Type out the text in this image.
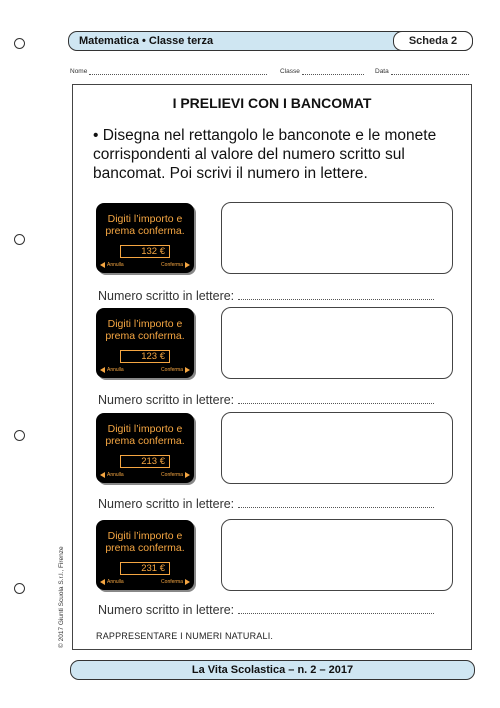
Matematica • Classe terza	Scheda 2
Nome	Classe	Data
I PRELIEVI CON I BANCOMAT
• Disegna nel rettangolo le banconote e le monete corrispondenti al valore del numero scritto sul bancomat. Poi scrivi il numero in lettere.
Digiti l’importo e
prema conferma.
132 €
Annulla	Conferma
Numero scritto in lettere:
Digiti l’importo e
prema conferma.
123 €
Annulla	Conferma
Numero scritto in lettere:
Digiti l’importo e
prema conferma.
213 €
Annulla	Conferma
Numero scritto in lettere:
Digiti l’importo e
prema conferma.
231 €
Annulla	Conferma
Numero scritto in lettere:
RAPPRESENTARE I NUMERI NATURALI.
© 2017 Giunti Scuola S.r.l., Firenze
La Vita Scolastica – n. 2 – 2017
